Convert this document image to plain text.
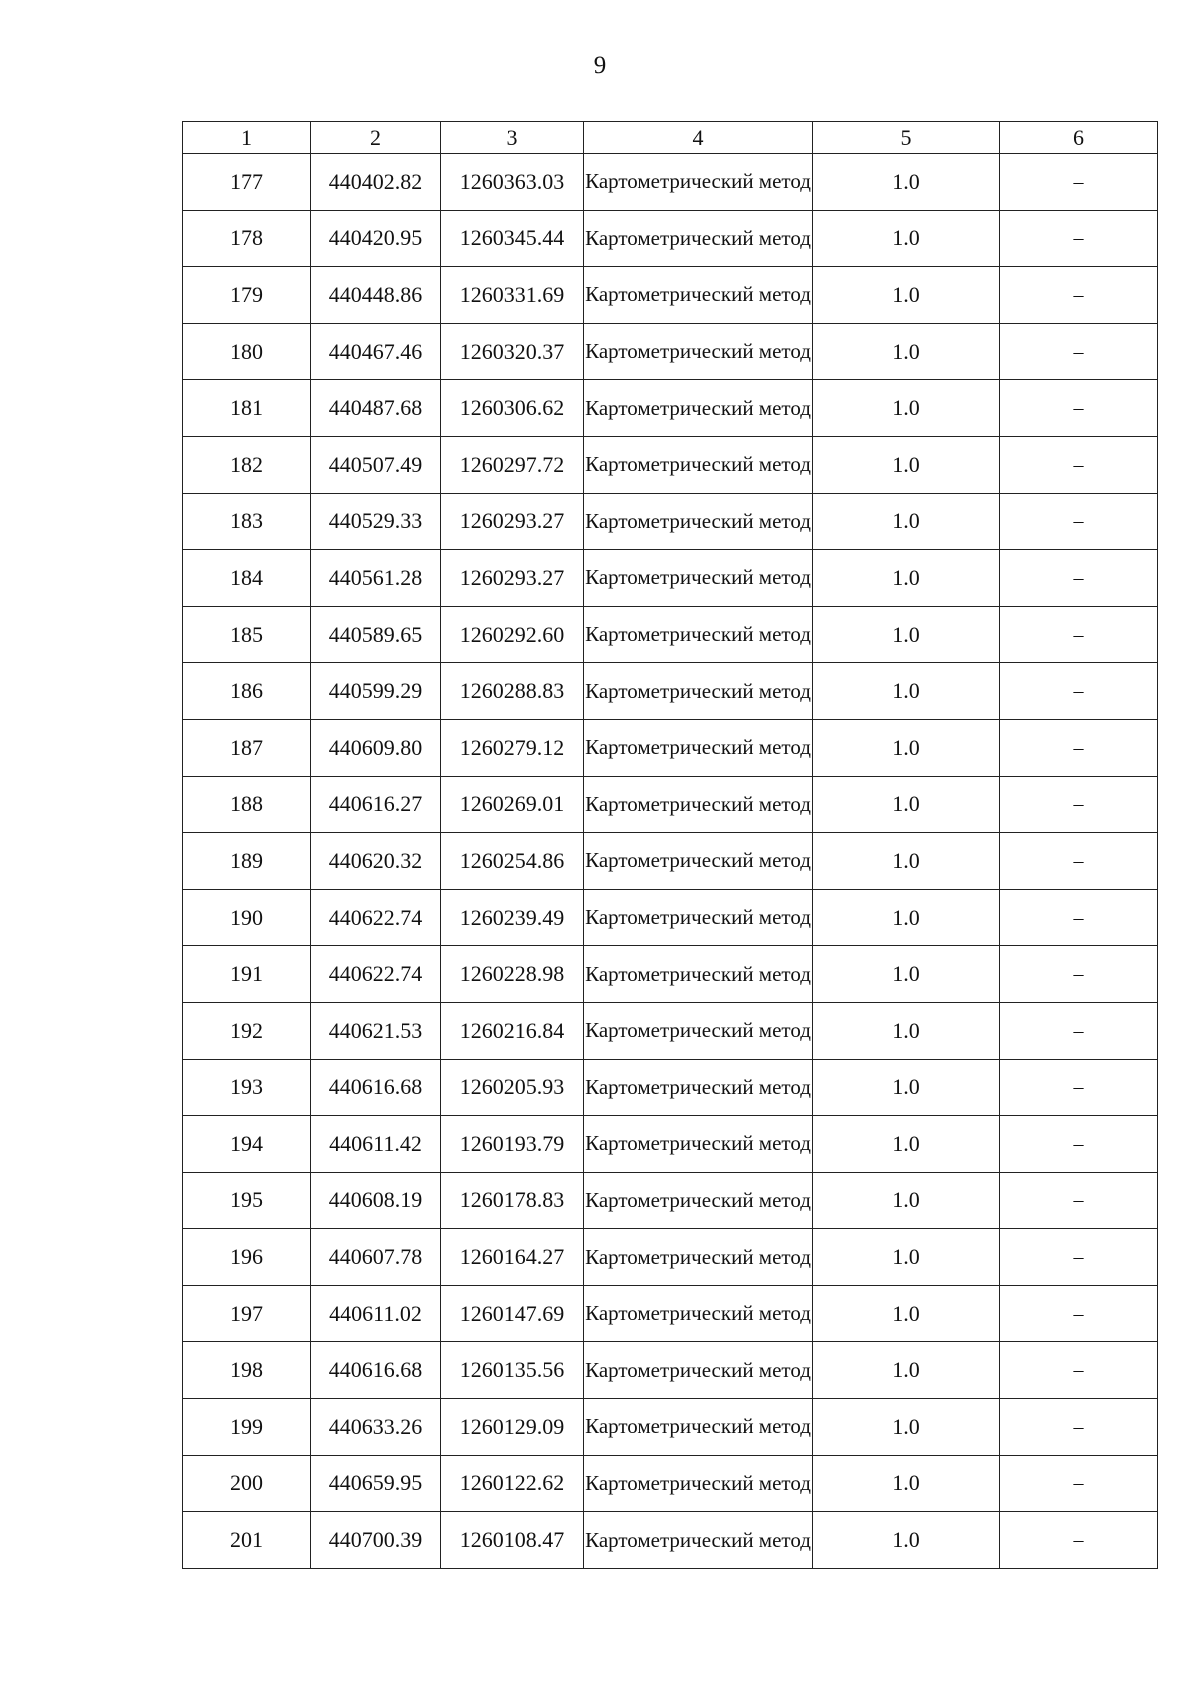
9
1	2	3	4	5	6
177	440402.82	1260363.03	Картометрический метод	1.0	–
178	440420.95	1260345.44	Картометрический метод	1.0	–
179	440448.86	1260331.69	Картометрический метод	1.0	–
180	440467.46	1260320.37	Картометрический метод	1.0	–
181	440487.68	1260306.62	Картометрический метод	1.0	–
182	440507.49	1260297.72	Картометрический метод	1.0	–
183	440529.33	1260293.27	Картометрический метод	1.0	–
184	440561.28	1260293.27	Картометрический метод	1.0	–
185	440589.65	1260292.60	Картометрический метод	1.0	–
186	440599.29	1260288.83	Картометрический метод	1.0	–
187	440609.80	1260279.12	Картометрический метод	1.0	–
188	440616.27	1260269.01	Картометрический метод	1.0	–
189	440620.32	1260254.86	Картометрический метод	1.0	–
190	440622.74	1260239.49	Картометрический метод	1.0	–
191	440622.74	1260228.98	Картометрический метод	1.0	–
192	440621.53	1260216.84	Картометрический метод	1.0	–
193	440616.68	1260205.93	Картометрический метод	1.0	–
194	440611.42	1260193.79	Картометрический метод	1.0	–
195	440608.19	1260178.83	Картометрический метод	1.0	–
196	440607.78	1260164.27	Картометрический метод	1.0	–
197	440611.02	1260147.69	Картометрический метод	1.0	–
198	440616.68	1260135.56	Картометрический метод	1.0	–
199	440633.26	1260129.09	Картометрический метод	1.0	–
200	440659.95	1260122.62	Картометрический метод	1.0	–
201	440700.39	1260108.47	Картометрический метод	1.0	–
